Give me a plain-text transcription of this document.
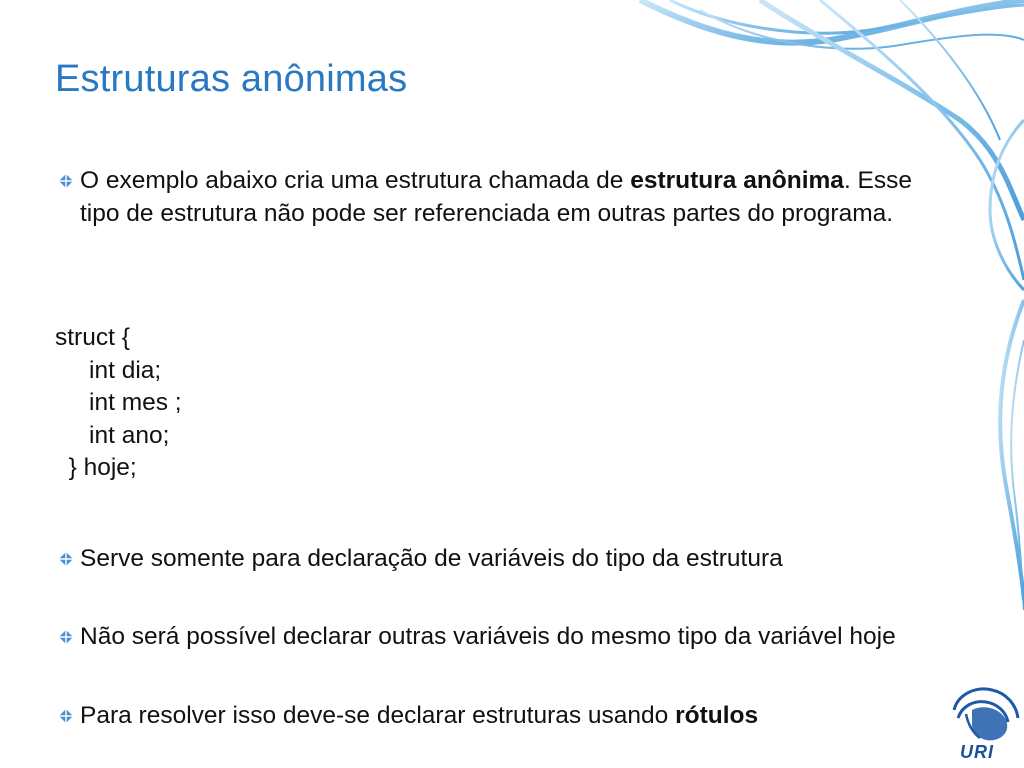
Estruturas anônimas
O exemplo abaixo cria uma estrutura chamada de estrutura anônima. Esse tipo de estrutura não pode ser referenciada em outras partes do programa.
struct {
int dia;
int mes ;
int ano;
} hoje;
Serve somente para declaração de variáveis do tipo da estrutura
Não será possível declarar outras variáveis do mesmo tipo da variável hoje
Para resolver isso deve-se declarar estruturas usando rótulos
URI
